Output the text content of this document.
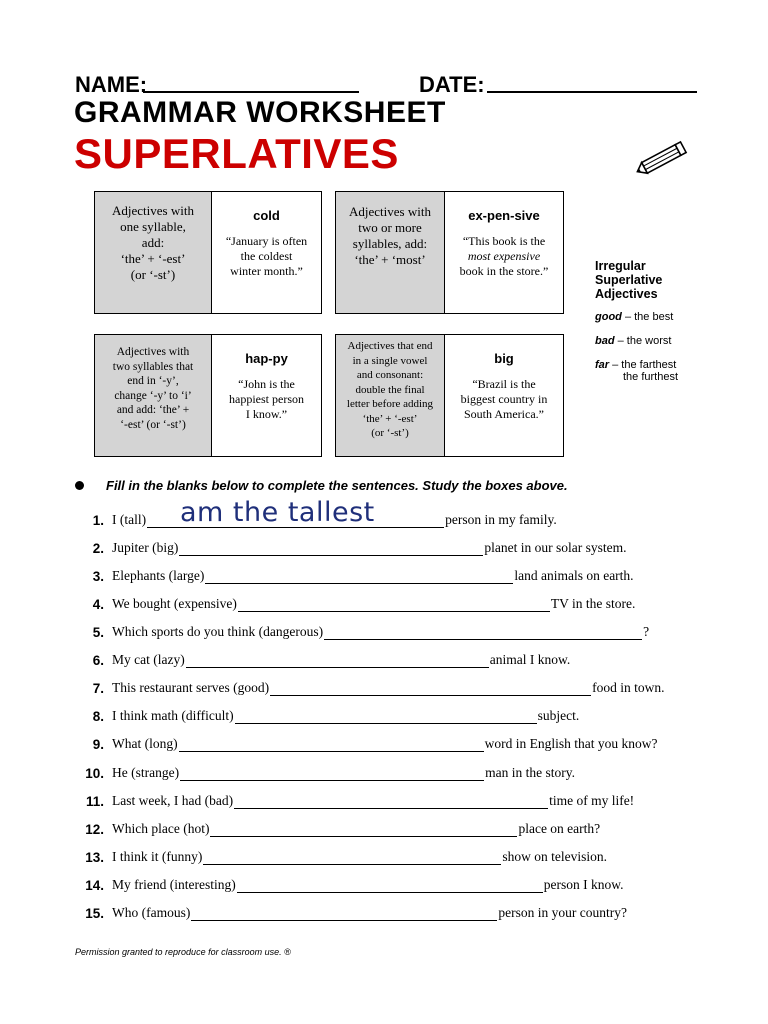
NAME:	DATE:
GRAMMAR WORKSHEET
SUPERLATIVES
Adjectives with
one syllable,
add:
‘the’ + ‘-est’
(or ‘-st’)
cold
“January is often
the coldest
winter month.”
Adjectives with
two or more
syllables, add:
‘the’ + ‘most’
ex-pen-sive
“This book is the
most expensive
book in the store.”
Adjectives with
two syllables that
end in ‘-y’,
change ‘-y’ to ‘i’
and add: ‘the’ +
‘-est’ (or ‘-st’)
hap-py
“John is the
happiest person
I know.”
Adjectives that end
in a single vowel
and consonant:
double the final
letter before adding
‘the’ + ‘-est’
(or ‘-st’)
big
“Brazil is the
biggest country in
South America.”
Irregular
Superlative
Adjectives
good – the best
bad – the worst
far – the farthest
the furthest
Fill in the blanks below to complete the sentences. Study the boxes above.
am the tallest
1. I (tall)	person in my family.
2. Jupiter (big)	planet in our solar system.
3. Elephants (large)	land animals on earth.
4. We bought (expensive)	TV in the store.
5. Which sports do you think (dangerous)	?
6. My cat (lazy)	animal I know.
7. This restaurant serves (good)	food in town.
8. I think math (difficult)	subject.
9. What (long)	word in English that you know?
10. He (strange)	man in the story.
11. Last week, I had (bad)	time of my life!
12. Which place (hot)	place on earth?
13. I think it (funny)	show on television.
14. My friend (interesting)	person I know.
15. Who (famous)	person in your country?
Permission granted to reproduce for classroom use. ®
